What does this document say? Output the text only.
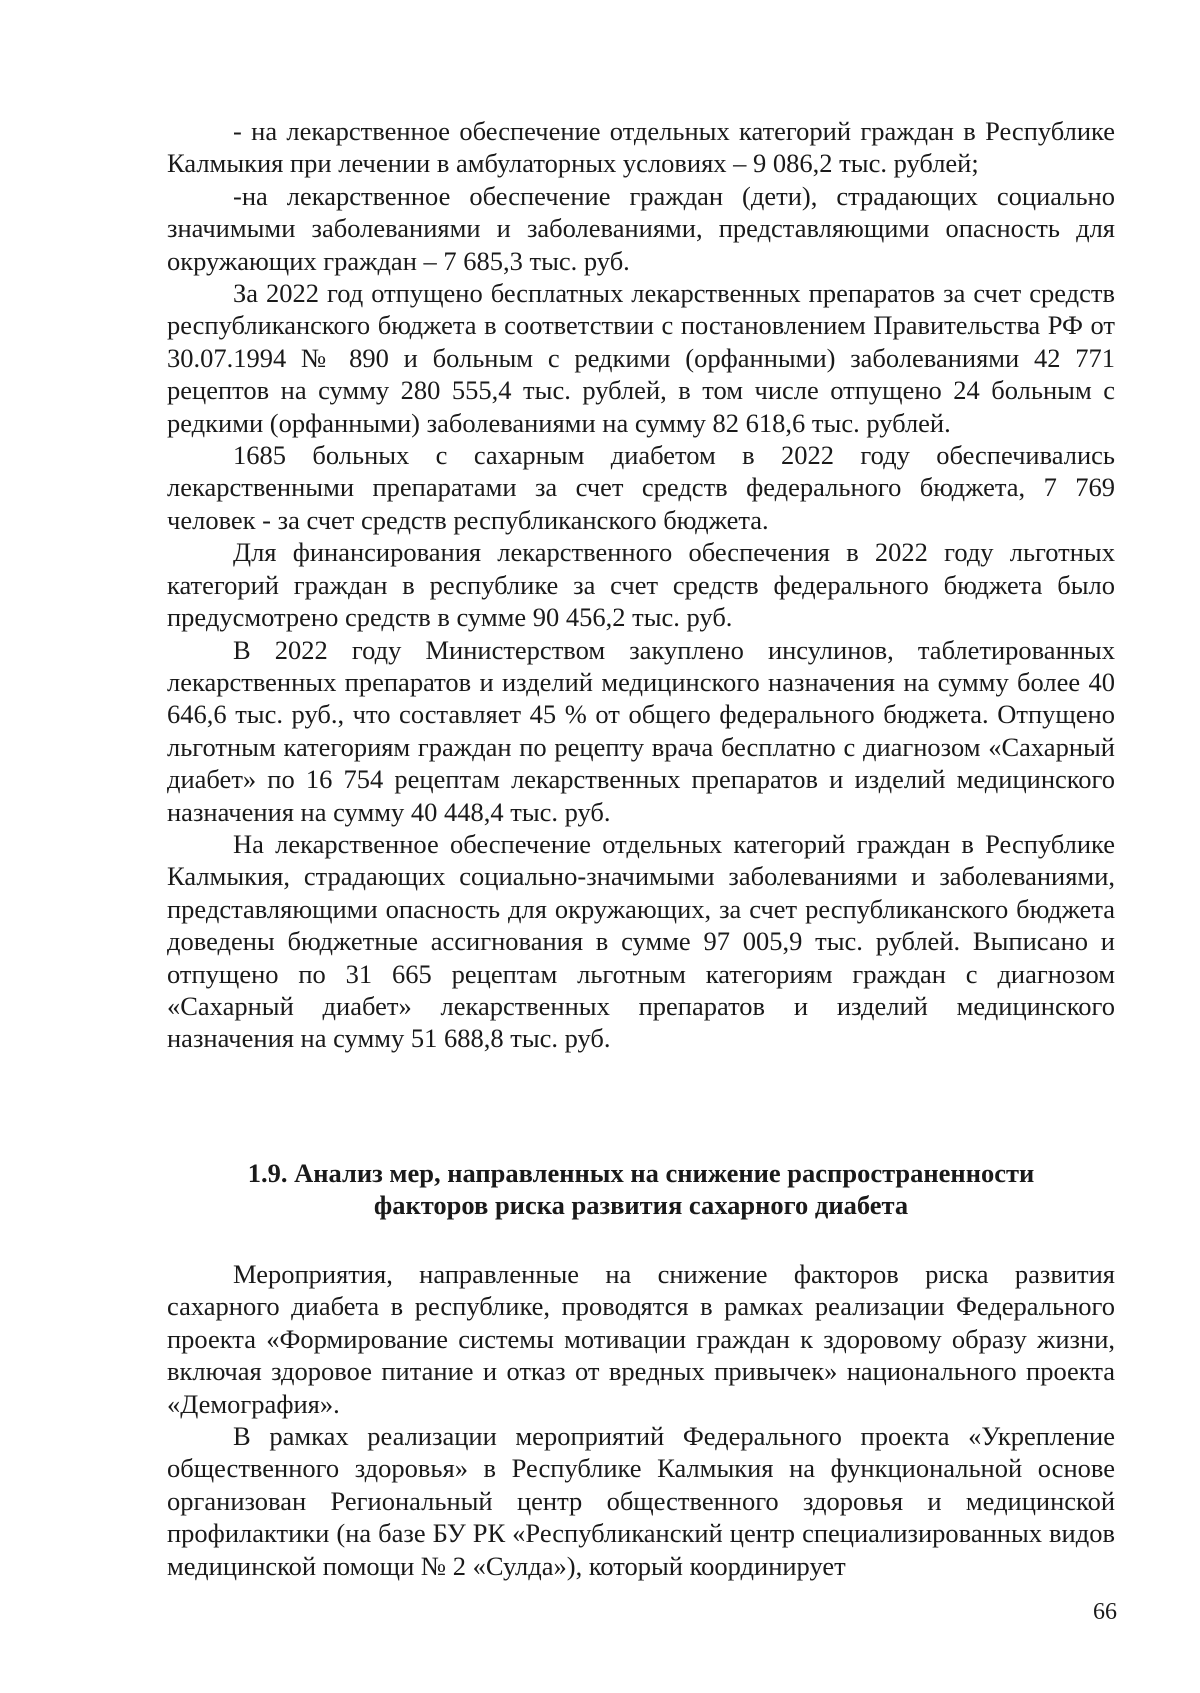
- на лекарственное обеспечение отдельных категорий граждан в Республике Калмыкия при лечении в амбулаторных условиях – 9 086,2 тыс. рублей;

-на лекарственное обеспечение граждан (дети), страдающих социально значимыми заболеваниями и заболеваниями, представляющими опасность для окружающих граждан – 7 685,3 тыс. руб.

За 2022 год отпущено бесплатных лекарственных препаратов за счет средств республиканского бюджета в соответствии с постановлением Правительства РФ от 30.07.1994 № 890 и больным с редкими (орфанными) заболеваниями 42 771 рецептов на сумму 280 555,4 тыс. рублей, в том числе отпущено 24 больным с редкими (орфанными) заболеваниями на сумму 82 618,6 тыс. рублей.

1685 больных с сахарным диабетом в 2022 году обеспечивались лекарственными препаратами за счет средств федерального бюджета, 7 769 человек - за счет средств республиканского бюджета.

Для финансирования лекарственного обеспечения в 2022 году льготных категорий граждан в республике за счет средств федерального бюджета было предусмотрено средств в сумме 90 456,2 тыс. руб.

В 2022 году Министерством закуплено инсулинов, таблетированных лекарственных препаратов и изделий медицинского назначения на сумму более 40 646,6 тыс. руб., что составляет 45 % от общего федерального бюджета. Отпущено льготным категориям граждан по рецепту врача бесплатно с диагнозом «Сахарный диабет» по 16 754 рецептам лекарственных препаратов и изделий медицинского назначения на сумму 40 448,4 тыс. руб.

На лекарственное обеспечение отдельных категорий граждан в Республике Калмыкия, страдающих социально-значимыми заболеваниями и заболеваниями, представляющими опасность для окружающих, за счет республиканского бюджета доведены бюджетные ассигнования в сумме 97 005,9 тыс. рублей. Выписано и отпущено по 31 665 рецептам льготным категориям граждан с диагнозом «Сахарный диабет» лекарственных препаратов и изделий медицинского назначения на сумму 51 688,8 тыс. руб.

1.9. Анализ мер, направленных на снижение распространенности
факторов риска развития сахарного диабета

Мероприятия, направленные на снижение факторов риска развития сахарного диабета в республике, проводятся в рамках реализации Федерального проекта «Формирование системы мотивации граждан к здоровому образу жизни, включая здоровое питание и отказ от вредных привычек» национального проекта «Демография».

В рамках реализации мероприятий Федерального проекта «Укрепление общественного здоровья» в Республике Калмыкия на функциональной основе организован Региональный центр общественного здоровья и медицинской профилактики (на базе БУ РК «Республиканский центр специализированных видов медицинской помощи № 2 «Сулда»), который координирует

66
